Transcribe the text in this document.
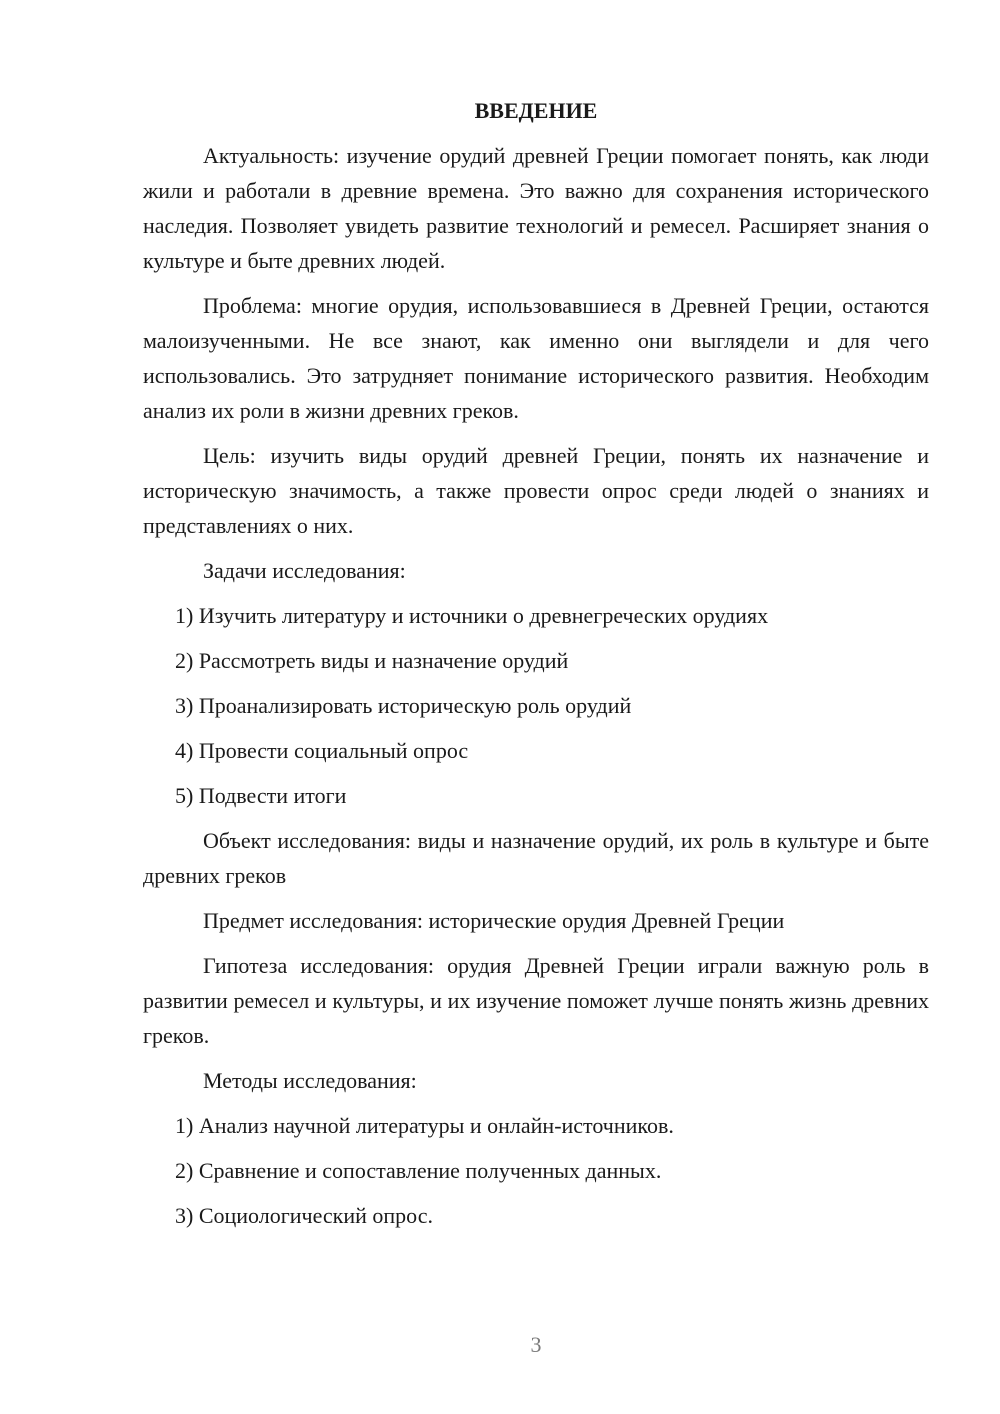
ВВЕДЕНИЕ

Актуальность: изучение орудий древней Греции помогает понять, как люди жили и работали в древние времена. Это важно для сохранения исторического наследия. Позволяет увидеть развитие технологий и ремесел. Расширяет знания о культуре и быте древних людей.

Проблема: многие орудия, использовавшиеся в Древней Греции, остаются малоизученными. Не все знают, как именно они выглядели и для чего использовались. Это затрудняет понимание исторического развития. Необходим анализ их роли в жизни древних греков.

Цель: изучить виды орудий древней Греции, понять их назначение и историческую значимость, а также провести опрос среди людей о знаниях и представлениях о них.

Задачи исследования:

1) Изучить литературу и источники о древнегреческих орудиях
2) Рассмотреть виды и назначение орудий
3) Проанализировать историческую роль орудий
4) Провести социальный опрос
5) Подвести итоги

Объект исследования: виды и назначение орудий, их роль в культуре и быте древних греков

Предмет исследования: исторические орудия Древней Греции

Гипотеза исследования: орудия Древней Греции играли важную роль в развитии ремесел и культуры, и их изучение поможет лучше понять жизнь древних греков.

Методы исследования:

1) Анализ научной литературы и онлайн-источников.
2) Сравнение и сопоставление полученных данных.
3) Социологический опрос.
3
